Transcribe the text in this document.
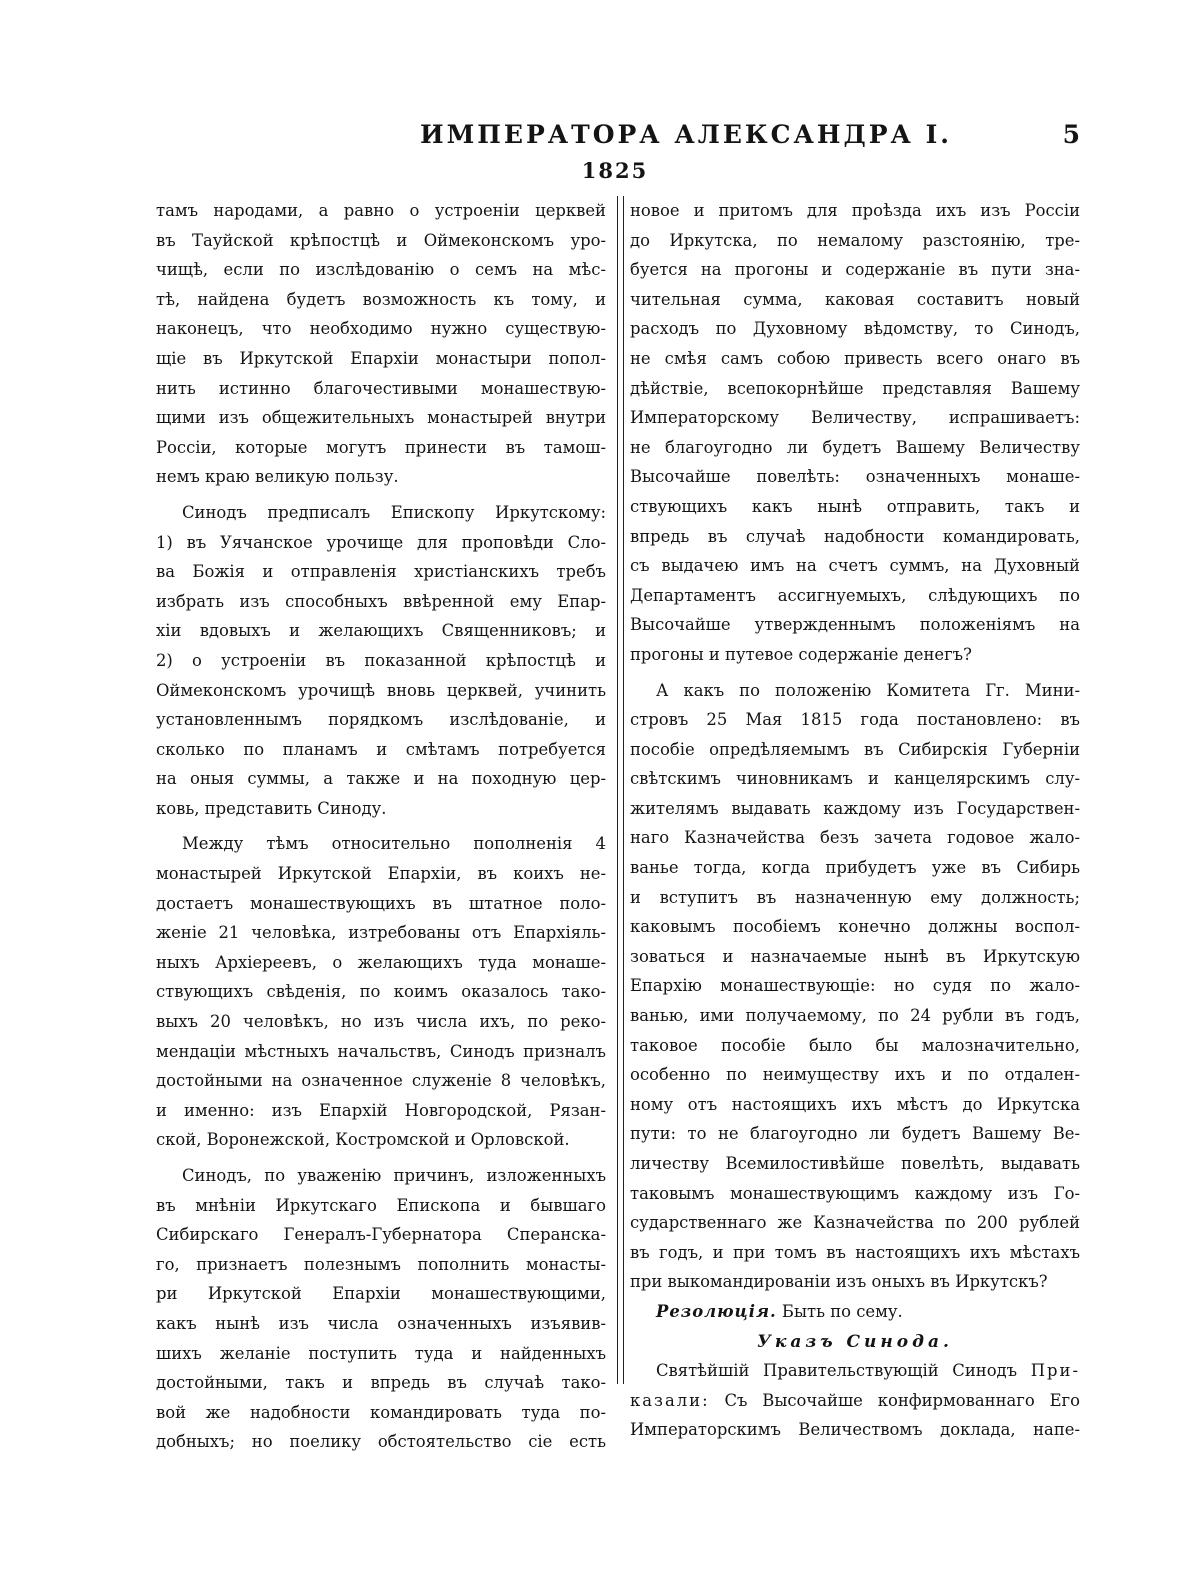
ИМПЕРАТОРА АЛЕКСАНДРА I.	5
1825
тамъ народами, а равно о устроеніи церквей
въ Тауйской крѣпостцѣ и Оймеконскомъ уро-
чищѣ, если по изслѣдованію о семъ на мѣс-
тѣ, найдена будетъ возможность къ тому, и
наконецъ, что необходимо нужно существую-
щіе въ Иркутской Епархіи монастыри попол-
нить истинно благочестивыми монашествую-
щими изъ общежительныхъ монастырей внутри
Россіи, которые могутъ принести въ тамош-
немъ краю великую пользу.
Синодъ предписалъ Епископу Иркутскому:
1) въ Уячанское урочище для проповѣди Сло-
ва Божія и отправленія христіанскихъ требъ
избрать изъ способныхъ ввѣренной ему Епар-
хіи вдовыхъ и желающихъ Священниковъ; и
2) о устроеніи въ показанной крѣпостцѣ и
Оймеконскомъ урочищѣ вновь церквей, учинить
установленнымъ порядкомъ изслѣдованіе, и
сколько по планамъ и смѣтамъ потребуется
на оныя суммы, а также и на походную цер-
ковь, представить Синоду.
Между тѣмъ относительно пополненія 4
монастырей Иркутской Епархіи, въ коихъ не-
достаетъ монашествующихъ въ штатное поло-
женіе 21 человѣка, изтребованы отъ Епархіяль-
ныхъ Архіереевъ, о желающихъ туда монаше-
ствующихъ свѣденія, по коимъ оказалось тако-
выхъ 20 человѣкъ, но изъ числа ихъ, по реко-
мендаціи мѣстныхъ начальствъ, Синодъ призналъ
достойными на означенное служеніе 8 человѣкъ,
и именно: изъ Епархій Новгородской, Рязан-
ской, Воронежской, Костромской и Орловской.
Синодъ, по уваженію причинъ, изложенныхъ
въ мнѣніи Иркутскаго Епископа и бывшаго
Сибирскаго Генералъ-Губернатора Сперанска-
го, признаетъ полезнымъ пополнить монасты-
ри Иркутской Епархіи монашествующими,
какъ нынѣ изъ числа означенныхъ изъявив-
шихъ желаніе поступить туда и найденныхъ
достойными, такъ и впредь въ случаѣ тако-
вой же надобности командировать туда по-
добныхъ; но поелику обстоятельство сіе есть
новое и притомъ для проѣзда ихъ изъ Россіи
до Иркутска, по немалому разстоянію, тре-
буется на прогоны и содержаніе въ пути зна-
чительная сумма, каковая составитъ новый
расходъ по Духовному вѣдомству, то Синодъ,
не смѣя самъ собою привесть всего онаго въ
дѣйствіе, всепокорнѣйше представляя Вашему
Императорскому Величеству, испрашиваетъ:
не благоугодно ли будетъ Вашему Величеству
Высочайше повелѣть: означенныхъ монаше-
ствующихъ какъ нынѣ отправить, такъ и
впредь въ случаѣ надобности командировать,
съ выдачею имъ на счетъ суммъ, на Духовный
Департаментъ ассигнуемыхъ, слѣдующихъ по
Высочайше утвержденнымъ положеніямъ на
прогоны и путевое содержаніе денегъ?
А какъ по положенію Комитета Гг. Мини-
стровъ 25 Мая 1815 года постановлено: въ
пособіе опредѣляемымъ въ Сибирскія Губерніи
свѣтскимъ чиновникамъ и канцелярскимъ слу-
жителямъ выдавать каждому изъ Государствен-
наго Казначейства безъ зачета годовое жало-
ванье тогда, когда прибудетъ уже въ Сибирь
и вступитъ въ назначенную ему должность;
каковымъ пособіемъ конечно должны воспол-
зоваться и назначаемые нынѣ въ Иркутскую
Епархію монашествующіе: но судя по жало-
ванью, ими получаемому, по 24 рубли въ годъ,
таковое пособіе было бы малозначительно,
особенно по неимуществу ихъ и по отдален-
ному отъ настоящихъ ихъ мѣстъ до Иркутска
пути: то не благоугодно ли будетъ Вашему Ве-
личеству Всемилостивѣйше повелѣть, выдавать
таковымъ монашествующимъ каждому изъ Го-
сударственнаго же Казначейства по 200 рублей
въ годъ, и при томъ въ настоящихъ ихъ мѣстахъ
при выкомандированіи изъ оныхъ въ Иркутскъ?
Резолюція. Быть по сему.
Указъ Синода.
Святѣйшій Правительствующій Синодъ При-
казали: Съ Высочайше конфирмованнаго Его
Императорскимъ Величествомъ доклада, напе-
